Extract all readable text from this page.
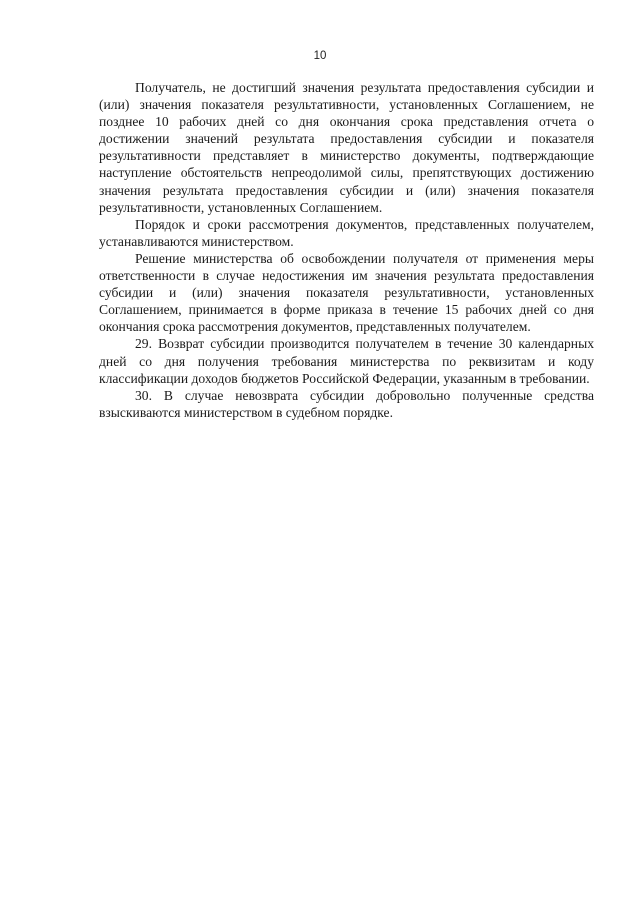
10

Получатель, не достигший значения результата предоставления субсидии и (или) значения показателя результативности, установленных Соглашением, не позднее 10 рабочих дней со дня окончания срока представления отчета о достижении значений результата предоставления субсидии и показателя результативности представляет в министерство документы, подтверждающие наступление обстоятельств непреодолимой силы, препятствующих достижению значения результата предоставления субсидии и (или) значения показателя результативности, установленных Соглашением.

Порядок и сроки рассмотрения документов, представленных получателем, устанавливаются министерством.

Решение министерства об освобождении получателя от применения меры ответственности в случае недостижения им значения результата предоставления субсидии и (или) значения показателя результативности, установленных Соглашением, принимается в форме приказа в течение 15 рабочих дней со дня окончания срока рассмотрения документов, представленных получателем.

29. Возврат субсидии производится получателем в течение 30 календарных дней со дня получения требования министерства по реквизитам и коду классификации доходов бюджетов Российской Федерации, указанным в требовании.

30. В случае невозврата субсидии добровольно полученные средства взыскиваются министерством в судебном порядке.
